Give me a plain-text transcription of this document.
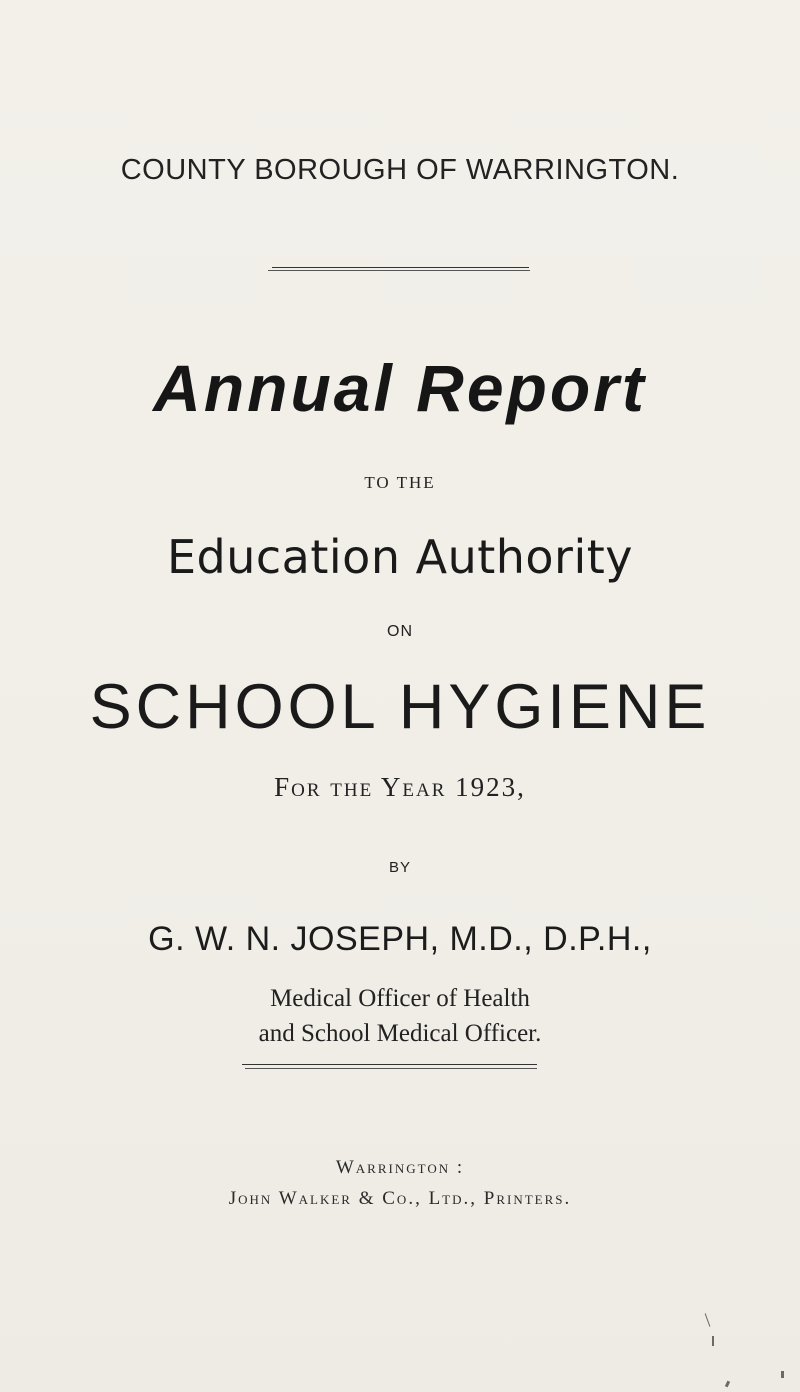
COUNTY BOROUGH OF WARRINGTON.
Annual Report
TO THE
Education Authority
ON
SCHOOL HYGIENE
For the Year 1923,
BY
G. W. N. JOSEPH, M.D., D.P.H.,
Medical Officer of Health
and School Medical Officer.
Warrington :
John Walker & Co., Ltd., Printers.
